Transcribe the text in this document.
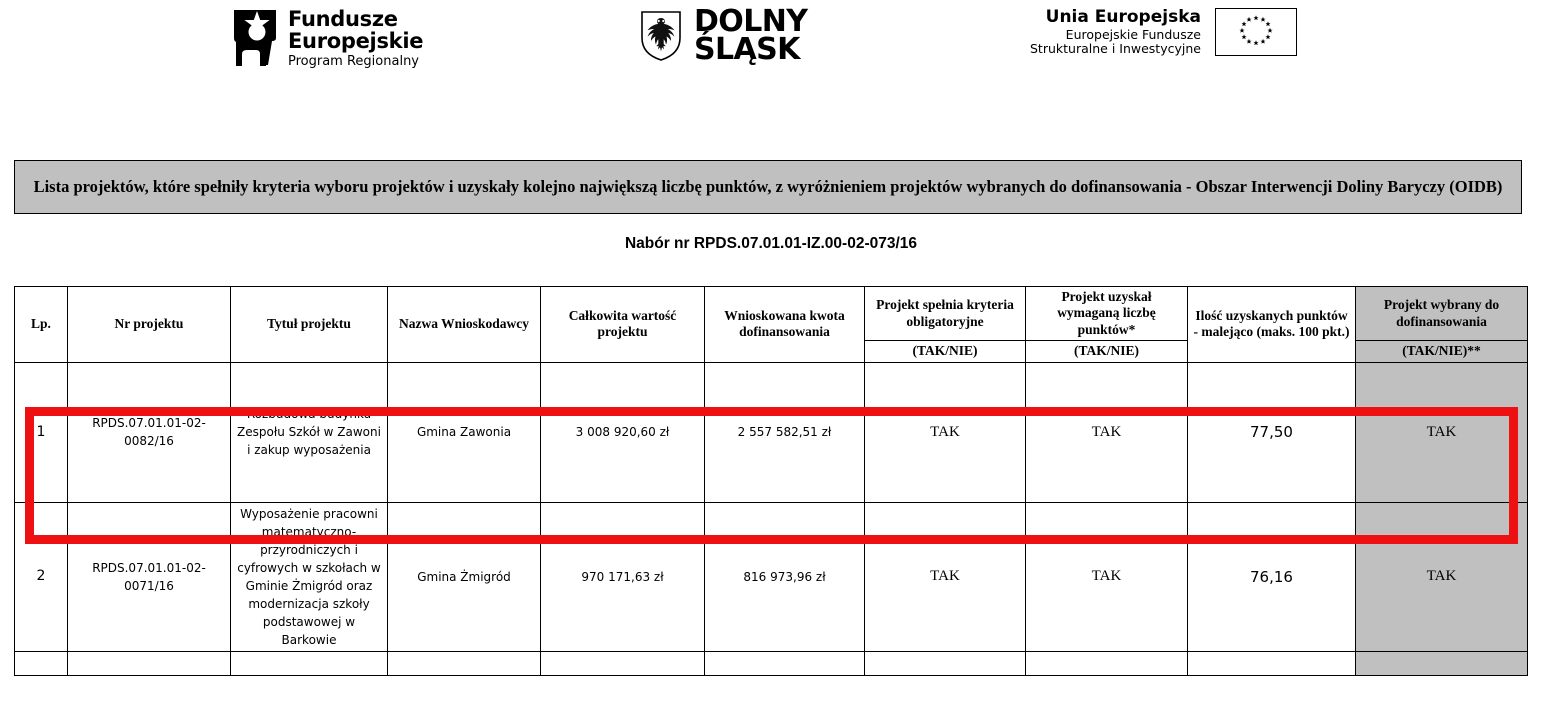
Fundusze
Europejskie
Program Regionalny
DOLNY
ŚLĄSK
Unia Europejska
Europejskie Fundusze
Strukturalne i Inwestycyjne

Lista projektów, które spełniły kryteria wyboru projektów i uzyskały kolejno największą liczbę punktów, z wyróżnieniem projektów wybranych do dofinansowania - Obszar Interwencji Doliny Baryczy (OIDB)

Nabór nr RPDS.07.01.01-IZ.00-02-073/16
Lp.	Nr projektu	Tytuł projektu	Nazwa Wnioskodawcy	Całkowita wartość projektu	Wnioskowana kwota dofinansowania	Projekt spełnia kryteria obligatoryjne	Projekt uzyskał wymaganą liczbę punktów*	Ilość uzyskanych punktów - malejąco (maks. 100 pkt.)	Projekt wybrany do dofinansowania
						(TAK/NIE)	(TAK/NIE)		(TAK/NIE)**
1	RPDS.07.01.01-02-0082/16	Rozbudowa budynku Zespołu Szkół w Zawoni i zakup wyposażenia	Gmina Zawonia	3 008 920,60 zł	2 557 582,51 zł	TAK	TAK	77,50	TAK
2	RPDS.07.01.01-02-0071/16	Wyposażenie pracowni matematyczno-przyrodniczych i cyfrowych w szkołach w Gminie Żmigród oraz modernizacja szkoły podstawowej w Barkowie	Gmina Żmigród	970 171,63 zł	816 973,96 zł	TAK	TAK	76,16	TAK
